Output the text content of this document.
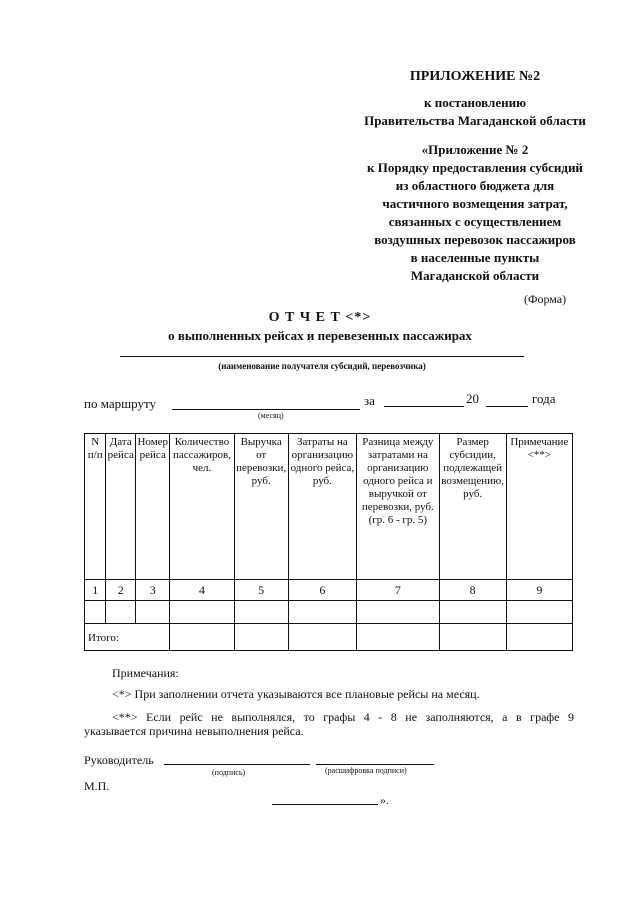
ПРИЛОЖЕНИЕ №2
к постановлению
Правительства Магаданской области
«Приложение № 2
к Порядку предоставления субсидий
из областного бюджета для
частичного возмещения затрат,
связанных с осуществлением
воздушных перевозок пассажиров
в населенные пункты
Магаданской области
(Форма)
О Т Ч Е Т <*>
о выполненных рейсах и перевезенных пассажирах
(наименование получателя субсидий, перевозчика)
по маршруту	за	20	года
(месяц)
N п/п	Дата рейса	Номер рейса	Количество пассажиров, чел.	Выручка от перевозки, руб.	Затраты на организацию одного рейса, руб.	Разница между затратами на организацию одного рейса и выручкой от перевозки, руб. (гр. 6 - гр. 5)	Размер субсидии, подлежащей возмещению, руб.	Примечание <**>
1	2	3	4	5	6	7	8	9

Итого:								
Примечания:
<*> При заполнении отчета указываются все плановые рейсы на месяц.
<**> Если рейс не выполнялся, то графы 4 - 8 не заполняются, а в графе 9
указывается причина невыполнения рейса.
Руководитель
(подпись)	(расшифровка подписи)
М.П.
».
